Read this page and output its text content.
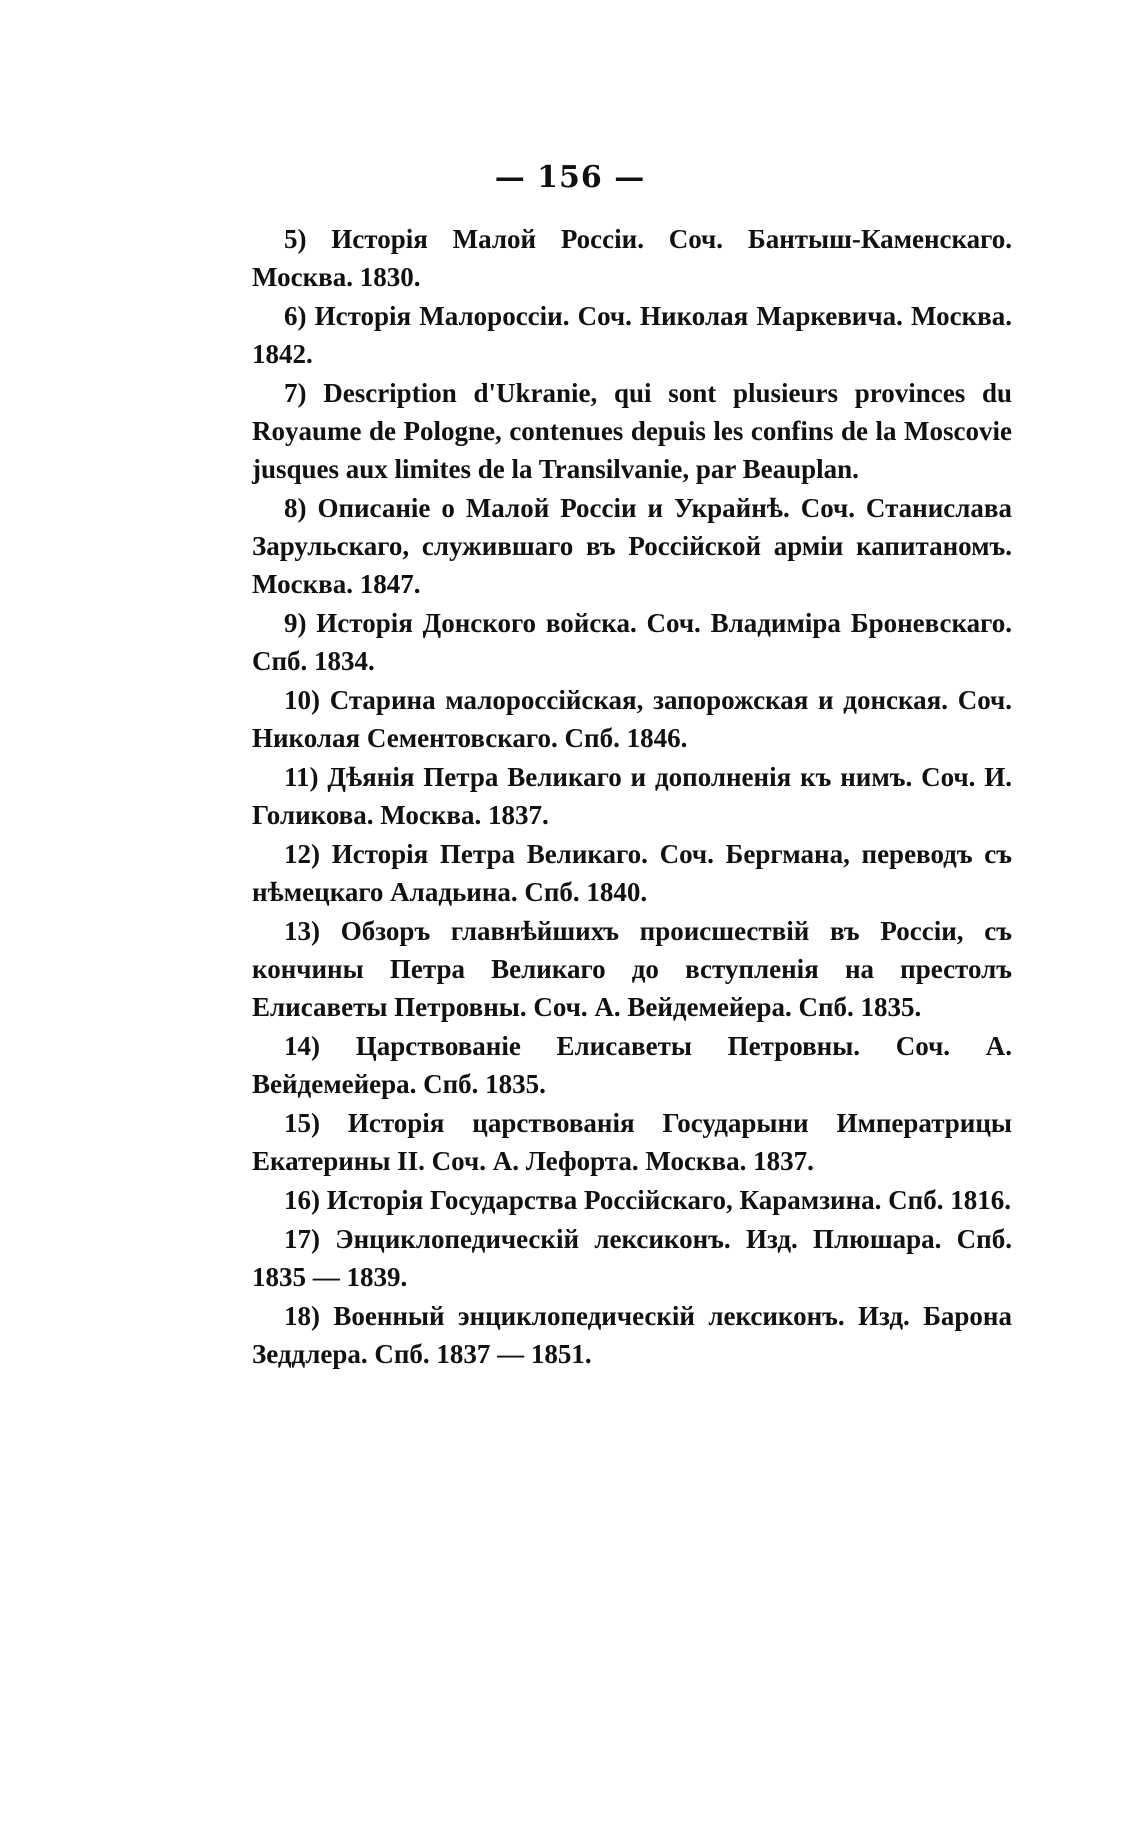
— 156 —

5) Исторія Малой Россіи. Соч. Бантыш-Каменскаго. Москва. 1830.

6) Исторія Малороссіи. Соч. Николая Маркевича. Москва. 1842.

7) Description d'Ukranie, qui sont plusieurs provinces du Royaume de Pologne, contenues depuis les confins de la Moscovie jusques aux limites de la Transilvanie, par Beauplan.

8) Описаніе о Малой Россіи и Украйнѣ. Соч. Станислава Зарульскаго, служившаго въ Россійской арміи капитаномъ. Москва. 1847.

9) Исторія Донского войска. Соч. Владиміра Броневскаго. Спб. 1834.

10) Старина малороссійская, запорожская и донская. Соч. Николая Сементовскаго. Спб. 1846.

11) Дѣянія Петра Великаго и дополненія къ нимъ. Соч. И. Голикова. Москва. 1837.

12) Исторія Петра Великаго. Соч. Бергмана, переводъ съ нѣмецкаго Аладьина. Спб. 1840.

13) Обзоръ главнѣйшихъ происшествій въ Россіи, съ кончины Петра Великаго до вступленія на престолъ Елисаветы Петровны. Соч. А. Вейдемейера. Спб. 1835.

14) Царствованіе Елисаветы Петровны. Соч. А. Вейдемейера. Спб. 1835.

15) Исторія царствованія Государыни Императрицы Екатерины II. Соч. А. Лефорта. Москва. 1837.

16) Исторія Государства Россійскаго, Карамзина. Спб. 1816.

17) Энциклопедическій лексиконъ. Изд. Плюшара. Спб. 1835 — 1839.

18) Военный энциклопедическій лексиконъ. Изд. Барона Зеддлера. Спб. 1837 — 1851.
